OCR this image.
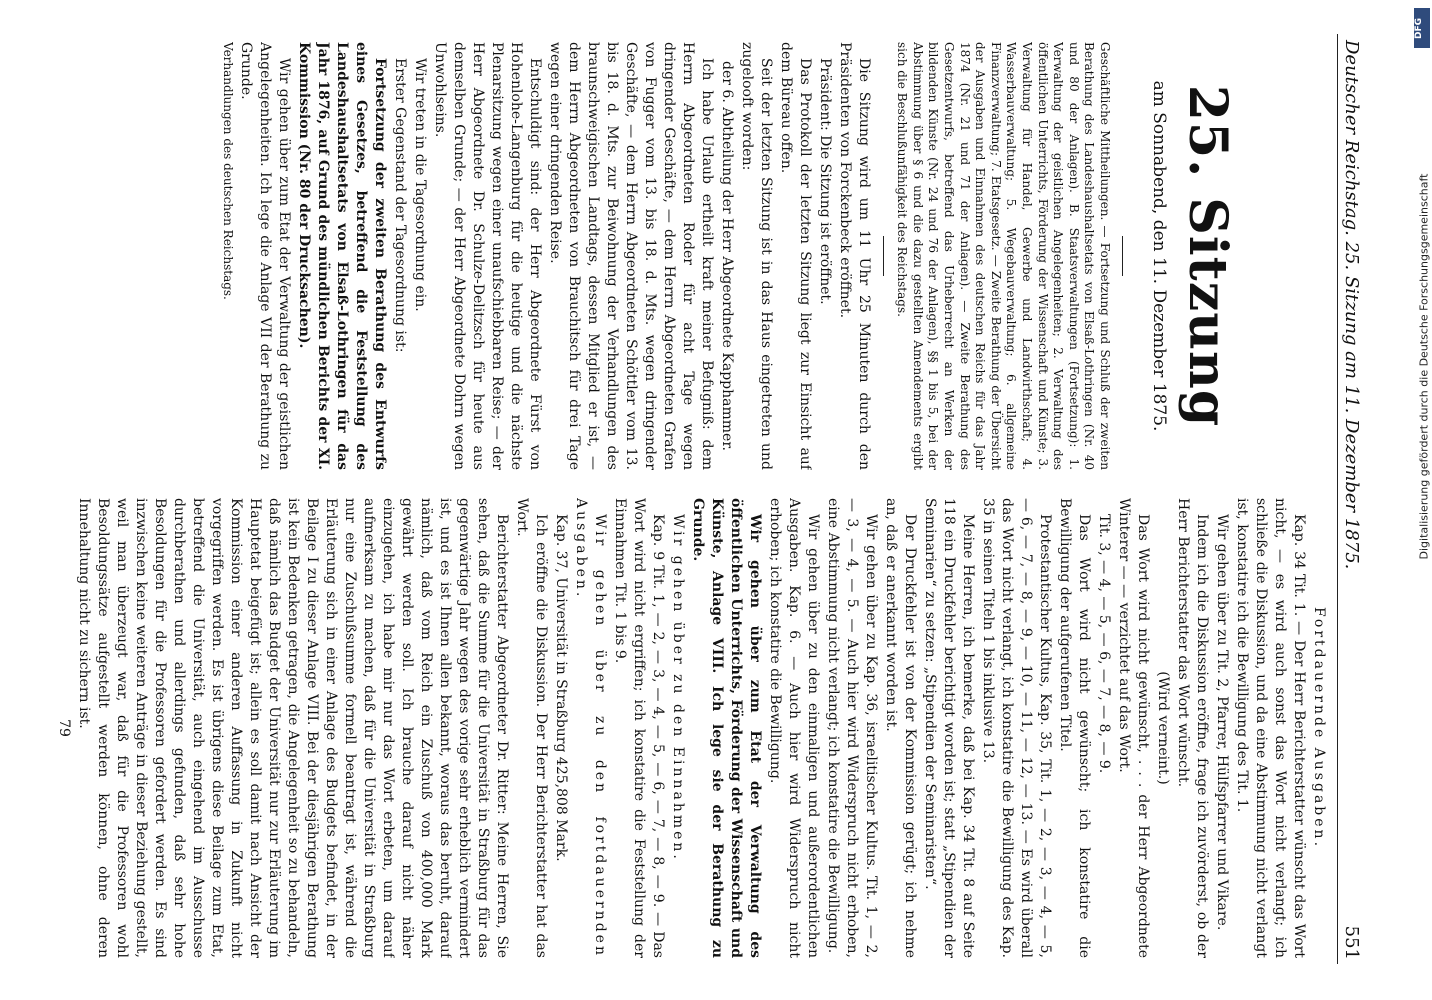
Deutscher Reichstag. 25. Sitzung am 11. Dezember 1875.
551
25. Sitzung
am Sonnabend, den 11. Dezember 1875.

Geschäftliche Mittheilungen. — Fortsetzung und Schluß der zweiten Berathung des Landeshaushaltsetats von Elsaß-Lothringen (Nr. 40 und 80 der Anlagen). B. Staatsverwaltungen (Fortsetzung): 1. Verwaltung der geistlichen Angelegenheiten; 2. Verwaltung des öffentlichen Unterrichts, Förderung der Wissenschaft und Künste; 3. Verwaltung für Handel, Gewerbe und Landwirthschaft; 4. Wasserbauverwaltung; 5. Wegebauverwaltung; 6. allgemeine Finanzverwaltung; 7. Etatsgesetz. — Zweite Berathung der Übersicht der Ausgaben und Einnahmen des deutschen Reichs für das Jahr 1874 (Nr. 21 und 71 der Anlagen). — Zweite Berathung des Gesetzentwurfs, betreffend das Urheberrecht an Werken der bildenden Künste (Nr. 24 und 76 der Anlagen), §§ 1 bis 5, bei der Abstimmung über § 6 und die dazu gestellten Amendements ergibt sich die Beschlußunfähigkeit des Reichstags.

Die Sitzung wird um 11 Uhr 25 Minuten durch den Präsidenten von Forckenbeck eröffnet.

Präsident: Die Sitzung ist eröffnet.

Das Protokoll der letzten Sitzung liegt zur Einsicht auf dem Büreau offen.

Seit der letzten Sitzung ist in das Haus eingetreten und zugelooft worden:

der 6. Abtheilung der Herr Abgeordnete Kapphammer.

Ich habe Urlaub ertheilt kraft meiner Befugniß: dem Herrn Abgeordneten Roder für acht Tage wegen dringender Geschäfte, — dem Herrn Abgeordneten Grafen von Fugger vom 13. bis 18. d. Mts. wegen dringender Geschäfte, — dem Herrn Abgeordneten Schöttler vom 13. bis 18. d. Mts. zur Beiwohnung der Verhandlungen des braunschweigischen Landtags, dessen Mitglied er ist, — dem Herrn Abgeordneten von Brauchitsch für drei Tage wegen einer dringenden Reise.

Entschuldigt sind: der Herr Abgeordnete Fürst von Hohenlohe-Langenburg für die heutige und die nächste Plenarsitzung wegen einer unaufschiebbaren Reise; — der Herr Abgeordnete Dr. Schulze-Delitzsch für heute aus demselben Grunde; — der Herr Abgeordnete Dohrn wegen Unwohlseins.

Wir treten in die Tagesordnung ein.

Erster Gegenstand der Tagesordnung ist:

Fortsetzung der zweiten Berathung des Entwurfs eines Gesetzes, betreffend die Feststellung des Landeshaushaltsetats von Elsaß-Lothringen für das Jahr 1876, auf Grund des mündlichen Berichts der XI. Kommission (Nr. 80 der Drucksachen).

Wir gehen über zum Etat der Verwaltung der geistlichen Angelegenheiten. Ich lege die Anlage VII der Berathung zu Grunde.

Verhandlungen des deutschen Reichstags.

Fortdauernde Ausgaben.

Kap. 34 Tit. 1. — Der Herr Berichterstatter wünscht das Wort nicht, — es wird auch sonst das Wort nicht verlangt; ich schließe die Diskussion, und da eine Abstimmung nicht verlangt ist, konstatire ich die Bewilligung des Tit. 1.

Wir gehen über zu Tit. 2, Pfarrer, Hülfspfarrer und Vikare.

Indem ich die Diskussion eröffne, frage ich zuvörderst, ob der Herr Berichterstatter das Wort wünscht.

(Wird verneint.)

Das Wort wird nicht gewünscht, . . . der Herr Abgeordnete Winterer — — verzichtet auf das Wort.

Tit. 3, — 4, — 5, — 6, — 7, — 8, — 9.

Das Wort wird nicht gewünscht; ich konstatire die Bewilligung der aufgerufenen Titel.

Protestantischer Kultus, Kap. 35, Tit. 1, — 2, — 3, — 4, — 5, — 6, — 7, — 8, — 9, — 10, — 11, — 12, — 13. — Es wird überall das Wort nicht verlangt, ich konstatire die Bewilligung des Kap. 35 in seinen Titeln 1 bis inklusive 13.

Meine Herren, ich bemerke, daß bei Kap. 34 Tit. 8 auf Seite 118 ein Druckfehler berichtigt worden ist; statt „Stipendien der Seminarien“ zu setzen: „Stipendien der Seminaristen“.

Der Druckfehler ist von der Kommission gerügt; ich nehme an, daß er anerkannt worden ist.

Wir gehen über zu Kap. 36, israelitischer Kultus. Tit. 1, — 2, — 3, — 4, — 5. — Auch hier wird Widerspruch nicht erhoben, eine Abstimmung nicht verlangt; ich konstatire die Bewilligung.

Wir gehen über zu den einmaligen und außerordentlichen Ausgaben. Kap. 6. — Auch hier wird Widerspruch nicht erhoben; ich konstatire die Bewilligung.

Wir gehen über zum Etat der Verwaltung des öffentlichen Unterrichts, Förderung der Wissenschaft und Künste, Anlage VIII. Ich lege sie der Berathung zu Grunde.

Wir gehen über zu den Einnahmen.

Kap. 9 Tit. 1, — 2, — 3, — 4, — 5, — 6, — 7, — 8, — 9. — Das Wort wird nicht ergriffen; ich konstatire die Feststellung der Einnahmen Tit. 1 bis 9.

Wir gehen über zu den fortdauernden Ausgaben.

Kap. 37, Universität in Straßburg 425,808 Mark.

Ich eröffne die Diskussion. Der Herr Berichterstatter hat das Wort.

Berichterstatter Abgeordneter Dr. Ritter: Meine Herren, Sie sehen, daß die Summe für die Universität in Straßburg für das gegenwärtige Jahr wegen des vorige sehr erheblich vermindert ist, und es ist Ihnen allen bekannt, woraus das beruht, darauf nämlich, daß vom Reich ein Zuschuß von 400,000 Mark gewährt werden soll. Ich brauche darauf nicht näher einzugehen, ich habe mir nur das Wort erbeten, um darauf aufmerksam zu machen, daß für die Universität in Straßburg nur eine Zuschußsumme formell beantragt ist, während die Erläuterung sich in einer Anlage des Budgets befindet, in der Beilage I zu dieser Anlage VIII. Bei der diesjährigen Berathung ist kein Bedenken getragen, die Angelegenheit so zu behandeln, daß nämlich das Budget der Universität nur zur Erläuterung im Hauptetat beigefügt ist; allein es soll damit nach Ansicht der Kommission einer anderen Auffassung in Zukunft nicht vorgegriffen werden. Es ist übrigens diese Beilage zum Etat, betreffend die Universität, auch eingehend im Ausschusse durchberathen und allerdings gefunden, daß sehr hohe Besoldungen für die Professoren gefordert werden. Es sind inzwischen keine weiteren Anträge in dieser Beziehung gestellt, weil man überzeugt war, daß für die Professoren wohl Besoldungssätze aufgestellt werden können, ohne deren Innehaltung nicht zu sichern ist.

79

DFG
Digitalisierung gefördert durch die Deutsche Forschungsgemeinschaft
